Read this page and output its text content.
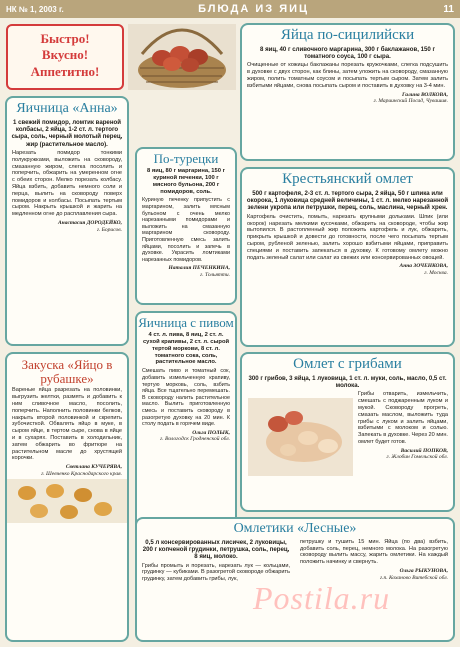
НК № 1, 2003 г.	БЛЮДА ИЗ ЯИЦ	11
Быстро!
Вкусно!
Аппетитно!
Яйца по-сицилийски
8 яиц, 40 г сливочного маргарина, 300 г баклажанов, 150 г томатного соуса, 100 г сыра.
Очищенные от кожицы баклажаны порезать кружочками, слегка подсушить в духовке с двух сторон, как блины, затем уложить на сковороду, смазанную жиром, полить томатным соусом и посыпать тертым сыром. Затем залить взбитыми яйцами, снова посыпать сыром и поставить в духовку на 3-4 мин.
Галина ВОЛКОВА,
г. Мариинский Посад, Чувашия.
Яичница «Анна»
1 свежий помидор, ломтик вареной колбасы, 2 яйца, 1-2 ст. л. тертого сыра, соль, черный молотый перец, жир (растительное масло).
Нарезать помидор тонкими полукружками, выложить на сковороду, смазанную жиром, слегка посолить и поперчить, обжарить на умеренном огне с обеих сторон. Мелко порезать колбасу. Яйца взбить, добавить немного соли и перца, вылить на сковороду поверх помидоров и колбасы. Посыпать тертым сыром. Накрыть крышкой и жарить на медленном огне до расплавления сыра.
Анастасия ДОРОДЕЙКО,
г. Борисов.
По-турецки
8 яиц, 80 г маргарина, 150 г куриной печенки, 100 г мясного бульона, 200 г помидоров, соль.
Куриную печенку припустить с маргарином, залить мясным бульоном с очень мелко нарезанными помидорами и выложить на смазанную маргарином сковороду. Приготовленную смесь залить яйцами, посолить и запечь в духовке. Украсить ломтиками нарезанных помидоров.
Наталия ПЕЧЕНКИНА,
г. Тольятти.
Крестьянский омлет
500 г картофеля, 2-3 ст. л. тертого сыра, 2 яйца, 50 г шпика или окорока, 1 луковица средней величины, 1 ст. л. мелко нарезанной зелени укропа или петрушки, перец, соль, маслина, черный хрен.
Картофель очистить, помыть, нарезать крупными дольками. Шпик (или окорок) нарезать мелкими кусочками, обжарить на сковороде, чтобы жир вытопился. В растопленный жир положить картофель и лук, обжарить, прикрыть крышкой и довести до готовности, после чего посыпать тертым сыром, рубленой зеленью, залить хорошо взбитыми яйцами, приправить специями и поставить запекаться в духовку. К готовому омлету можно подать зеленый салат или салат из свежих или консервированных овощей.
Анна ЗОЧЕНКОВА,
г. Москва.
Закуска «Яйцо в рубашке»
Вареные яйца разрезать на половинки, выгрузить желтки, размять и добавить к ним сливочное масло, посолить, поперчить. Наполнить половинки белков, накрыть второй половинкой и скрепить зубочисткой. Обвалять яйцо в муке, в сыром яйце, в тертом сыре, снова в яйце и в сухарях. Поставить в холодильник, затем обжарить во фритюре на растительном масле до хрустящей корочки.
Светлана КУЧЕРЯВА,
г. Шевченко Краснодарского края.
Яичница с пивом
4 ст. л. пива, 8 яиц, 2 ст. л. сухой крапивы, 2 ст. л. сырой тертой моркови, 8 ст. л. томатного сока, соль, растительное масло.
Смешать пиво и томатный сок, добавить измельченную крапиву, тертую морковь, соль, взбить яйца. Все тщательно перемешать. В сковороду налить растительное масло. Вылить приготовленную смесь и поставить сковороду в разогретую духовку на 20 мин. К столу подать в горячем виде.
Ольга ПОЛЫК,
г. Вологодск Гродненской обл.
Омлет с грибами
300 г грибов, 3 яйца, 1 луковица, 1 ст. л. муки, соль, масло, 0,5 ст. молока.
Грибы отварить, измельчить, смешать с поджаренным луком и мукой. Сковороду прогреть, смазать маслом, выложить туда грибы с луком и залить яйцами, взбитыми с молоком и солью. Запекать в духовке. Через 20 мин. омлет будет готов.
Василий ПОПКОВ,
г. Жлобин Гомельской обл.
Омлетики «Лесные»
0,5 л консервированных лисичек, 2 луковицы, 200 г копченой грудинки, петрушка, соль, перец, 8 яиц, молоко.
Грибы промыть и порезать, нарезать лук — кольцами, грудинку — кубиками. В разогретой сковороде обжарить грудинку, затем добавить грибы, лук,
петрушку и тушить 15 мин. Яйца (по два) взбить, добавить соль, перец, немного молока. На разогретую сковороду вылить массу, жарить омлетики. На каждый положить начинку и свернуть.
Ольга РЫКУНОВА,
г.п. Коханово Витебской обл.
Postila.ru
